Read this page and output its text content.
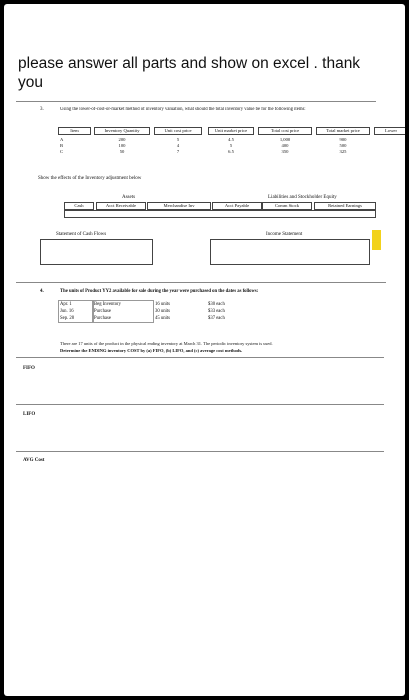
please answer all parts and show on excel . thank you
3.	Using the lower-of-cost-or-market method of inventory valuation, what should the total inventory value be for the following items:
Item	Inventory Quantity	Unit cost price	Unit market price	Total cost price	Total market price	Lower
A	200	5	4.5	1,000	900
B	100	4	5	400	500
C	50	7	6.5	350	325
Show the effects of the Inventory adjustment below
Assets	Liabilities and Stockholder Equity
Cash	Acct Receivable	Merchandise Inv	Acct Payable	Comm Stock	Retained Earnings
Statement of Cash Flows	Income Statement
4.	The units of Product YY2 available for sale during the year were purchased on the dates as follows:
Apr. 1	Beg Inventory	16 units	$30 each
Jun. 16	Purchase	30 units	$33 each
Sep. 28	Purchase	45 units	$37 each
There are 17 units of the product in the physical ending inventory at March 31. The periodic inventory system is used.
Determine the ENDING inventory COST by (a) FIFO, (b) LIFO, and (c) average cost methods.
FIFO
LIFO
AVG Cost
